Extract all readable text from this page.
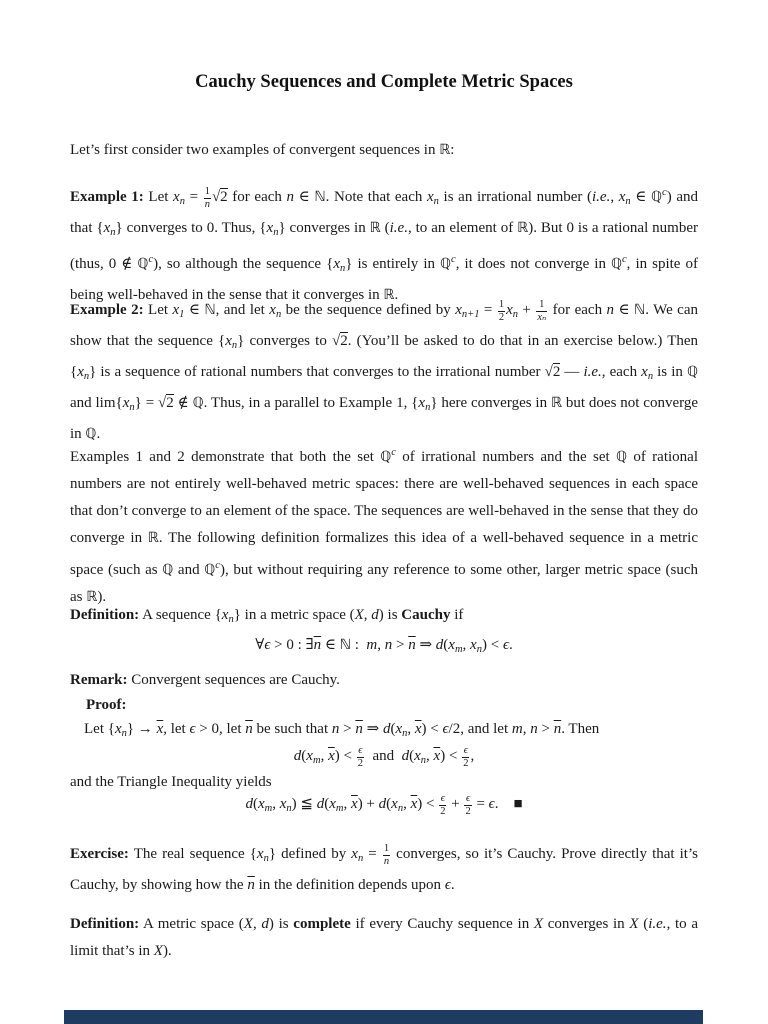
Cauchy Sequences and Complete Metric Spaces
Let’s first consider two examples of convergent sequences in ℝ:
Example 1: Let $x_n = \frac{1}{n} √2$ for each n ∈ ℕ. Note that each $x_n$ is an irrational number (i.e., $x_n$ ∈ ℚ$^c$) and that $\{x_n\}$ converges to 0. Thus, $\{x_n\}$ converges in ℝ (i.e., to an element of ℝ). But 0 is a rational number (thus, 0 ∉ ℚ$^c$), so although the sequence $\{x_n\}$ is entirely in ℚ$^c$, it does not converge in ℚ$^c$, in spite of being well-behaved in the sense that it converges in ℝ.
Example 2: Let $x_1$ ∈ ℕ, and let $x_n$ be the sequence defined by $x_{n+1} = \frac{1}{2} x_n + \frac{1}{\text{xₙ}}$ for each n ∈ ℕ. We can show that the sequence $\{x_n\}$ converges to √2. (You’ll be asked to do that in an exercise below.) Then $\{x_n\}$ is a sequence of rational numbers that converges to the irrational number √2 — i.e., each $x_n$ is in ℚ and $\lim\{x_n\} = √2$ ∉ ℚ. Thus, in a parallel to Example 1, $\{x_n\}$ here converges in ℝ but does not converge in ℚ.
Examples 1 and 2 demonstrate that both the set ℚ$^c$ of irrational numbers and the set ℚ of rational numbers are not entirely well-behaved metric spaces: there are well-behaved sequences in each space that don’t converge to an element of the space. The sequences are well-behaved in the sense that they do converge in ℝ. The following definition formalizes this idea of a well-behaved sequence in a metric space (such as ℚ and ℚ$^c$), but without requiring any reference to some other, larger metric space (such as ℝ).
Definition: A sequence $\{x_n\}$ in a metric space (X, d) is Cauchy if
∀ϵ > 0 : $\exists\overline{n}$ ∈ ℕ : m, $n > \overline{n}$ ⇒ $d(x_m$, $x_n) < \epsilon$.
Remark: Convergent sequences are Cauchy.
Proof:
Let $\{x_n\} \to \overline{x}$, let ϵ > 0, let $\overline{n}$ be such that $n > \overline{n}$ ⇒ $d(x_n$, $\overline{x}) < \epsilon/2$, and let m, $n > \overline{n}$. Then
$d(x_m$, $\overline{x}) < \frac{\epsilon}{2}$  and $d(x_n$, $\overline{x}) < \frac{\epsilon}{2}$ ,
and the Triangle Inequality yields
$d(x_m$, $x_n$) ≦ $d(x_m$, $\overline{x}) + d(x_n$, $\overline{x}) < \frac{\epsilon}{2} + \frac{\epsilon}{2} = \epsilon$. ■
Exercise: The real sequence $\{x_n\}$ defined by $x_n = \frac{1}{n}$ converges, so it’s Cauchy. Prove directly that it’s Cauchy, by showing how the $\overline{n}$ in the definition depends upon ϵ.
Definition: A metric space (X, d) is complete if every Cauchy sequence in X converges in X (i.e., to a limit that’s in X).
